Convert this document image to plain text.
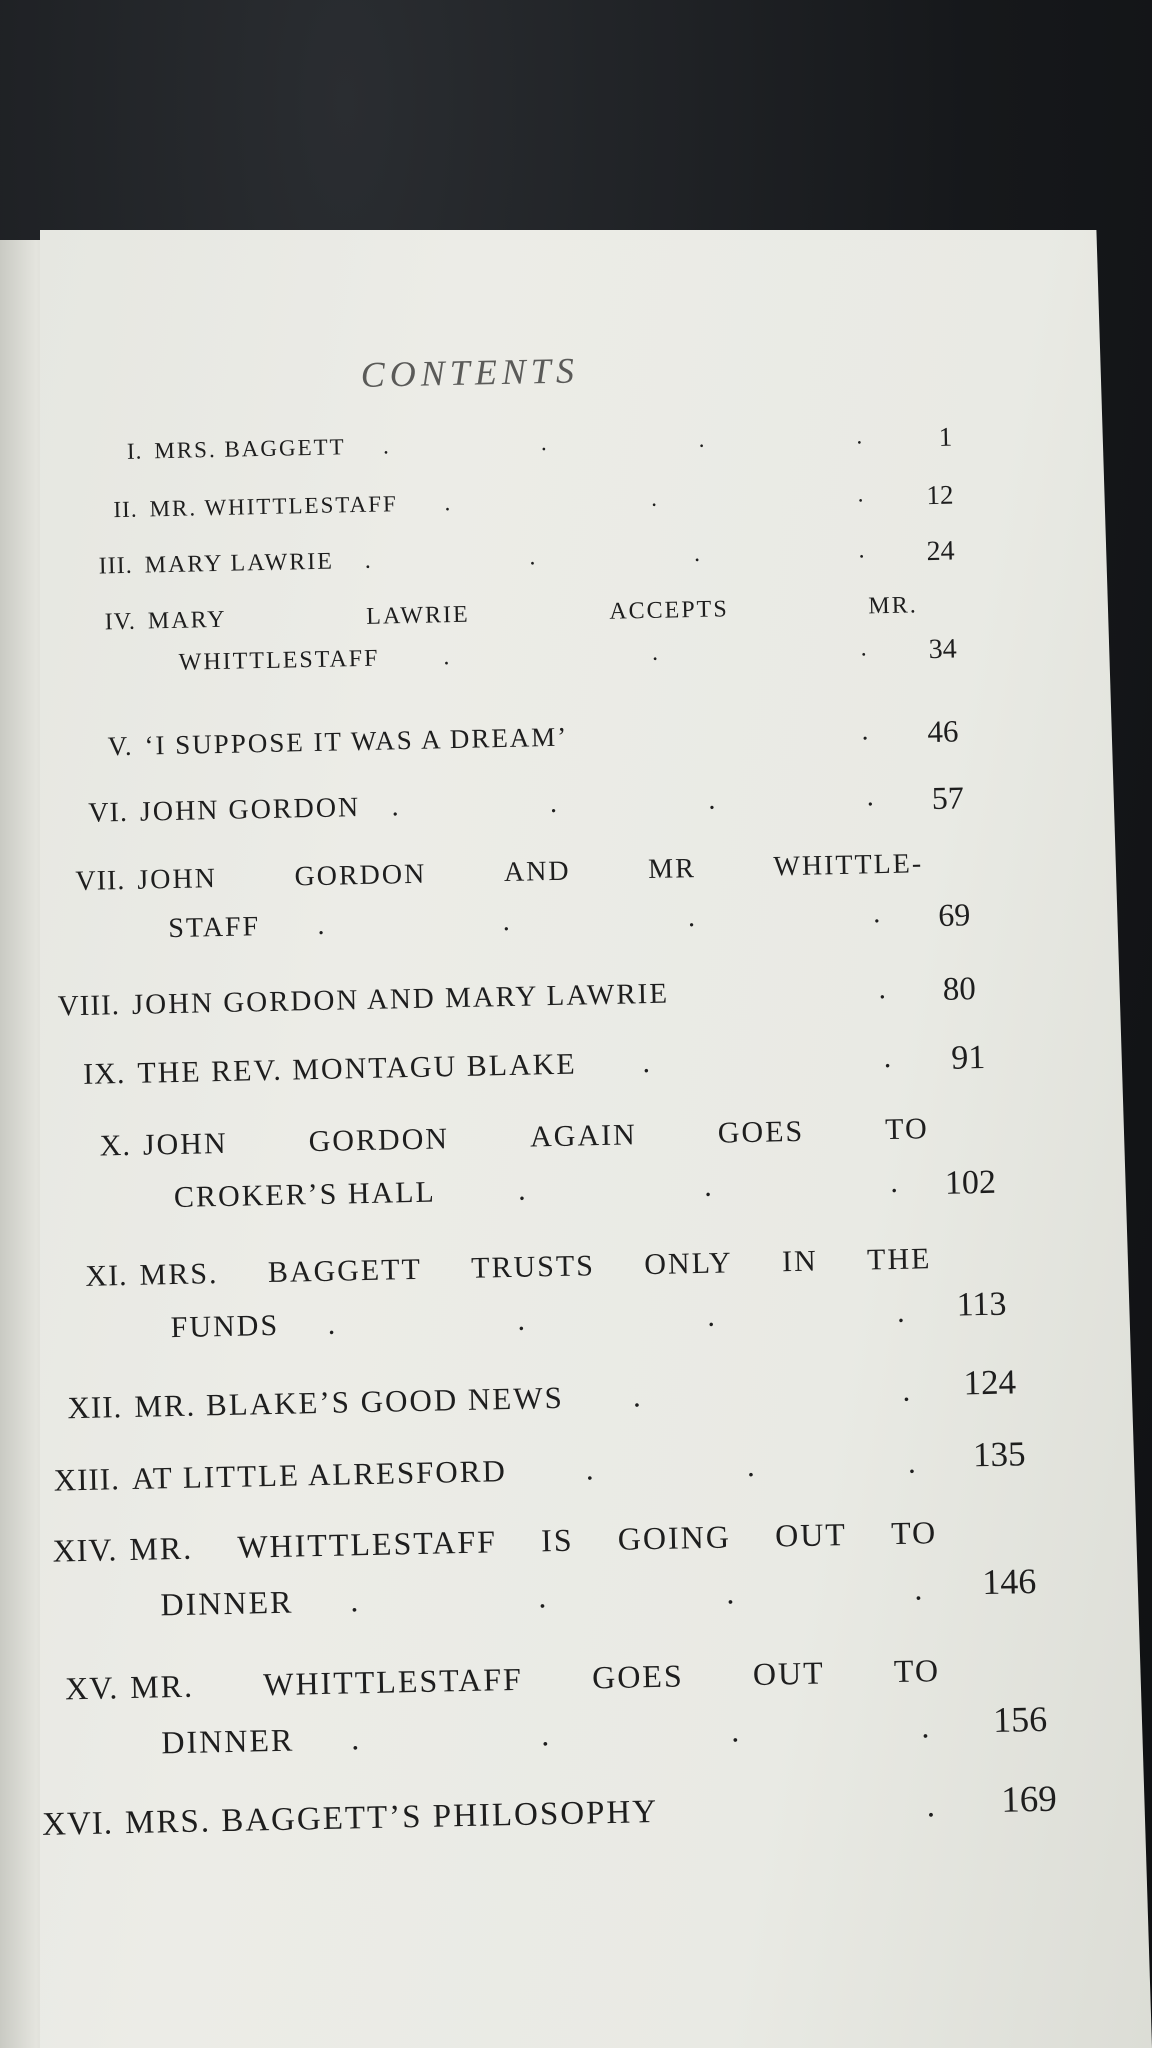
CONTENTS
I. MRS. BAGGETT .	.	.	.	1
II. MR. WHITTLESTAFF .	.	.	12
III. MARY LAWRIE .	.	.	.	24
IV. MARY	LAWRIE	ACCEPTS	MR.
WHITTLESTAFF	.	.	.	34
V. ‘I SUPPOSE IT WAS A DREAM’	.	46
VI. JOHN GORDON .	.	.	.	57
VII. JOHN	GORDON	AND	MR	WHITTLE-
STAFF .	.	.	.	69
VIII. JOHN GORDON AND MARY LAWRIE	.	80
IX. THE REV. MONTAGU BLAKE .	.	91
X. JOHN	GORDON	AGAIN	GOES	TO
CROKER’S HALL	.	.	.	102
XI. MRS. BAGGETT TRUSTS ONLY IN THE
FUNDS .	.	.	.	113
XII. MR. BLAKE’S GOOD NEWS .	.	124
XIII. AT LITTLE ALRESFORD	.	.	.	135
XIV. MR. WHITTLESTAFF IS GOING OUT TO
DINNER .	.	.	.	146
XV. MR. WHITTLESTAFF GOES OUT TO
DINNER .	.	.	.	156
XVI. MRS. BAGGETT’S PHILOSOPHY	.	169
